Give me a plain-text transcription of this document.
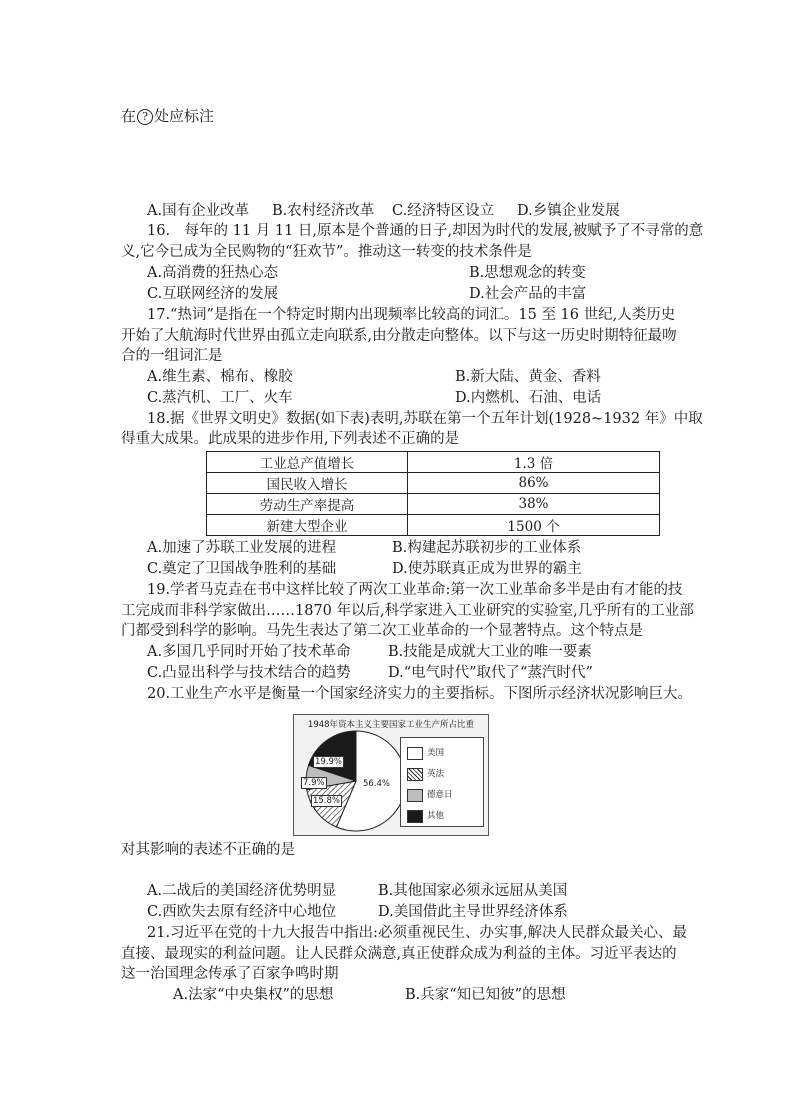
在 ? 处应标注
A.国有企业改革 B.农村经济改革 C.经济特区设立 D.乡镇企业发展
16.　每年的 11 月 11 日,原本是个普通的日子,却因为时代的发展,被赋予了不寻常的意
义,它今已成为全民购物的“狂欢节”。推动这一转变的技术条件是
A.高消费的狂热心态	B.思想观念的转变
C.互联网经济的发展	D.社会产品的丰富
17.“热词”是指在一个特定时期内出现频率比较高的词汇。15 至 16 世纪,人类历史
开始了大航海时代世界由孤立走向联系,由分散走向整体。以下与这一历史时期特征最吻
合的一组词汇是
A.维生素、棉布、橡胶	B.新大陆、黄金、香料
C.蒸汽机、工厂、火车	D.内燃机、石油、电话
18.据《世界文明史》数据(如下表)表明,苏联在第一个五年计划(1928~1932 年》中取
得重大成果。此成果的进步作用,下列表述不正确的是
工业总产值增长	1.3 倍
国民收入增长	86%
劳动生产率提高	38%
新建大型企业	1500 个
A.加速了苏联工业发展的进程	B.构建起苏联初步的工业体系
C.奠定了卫国战争胜利的基础	D.使苏联真正成为世界的霸主
19.学者马克垚在书中这样比较了两次工业革命:第一次工业革命多半是由有才能的技
工完成而非科学家做出……1870 年以后,科学家进入工业研究的实验室,几乎所有的工业部
门都受到科学的影响。马先生表达了第二次工业革命的一个显著特点。这个特点是
A.多国几乎同时开始了技术革命	B.技能是成就大工业的唯一要素
C.凸显出科学与技术结合的趋势	D.“电气时代”取代了“蒸汽时代”
20.工业生产水平是衡量一个国家经济实力的主要指标。下图所示经济状况影响巨大。
1948年资本主义主要国家工业生产所占比重
19.9%
56.4%
7.9%
15.8%
美国
英法
德意日
其他
对其影响的表述不正确的是
A.二战后的美国经济优势明显	B.其他国家必须永远屈从美国
C.西欧失去原有经济中心地位	D.美国借此主导世界经济体系
21.习近平在党的十九大报告中指出:必须重视民生、办实事,解决人民群众最关心、最
直接、最现实的利益问题。让人民群众满意,真正使群众成为利益的主体。习近平表达的
这一治国理念传承了百家争鸣时期
A.法家“中央集权”的思想	B.兵家“知已知彼”的思想
